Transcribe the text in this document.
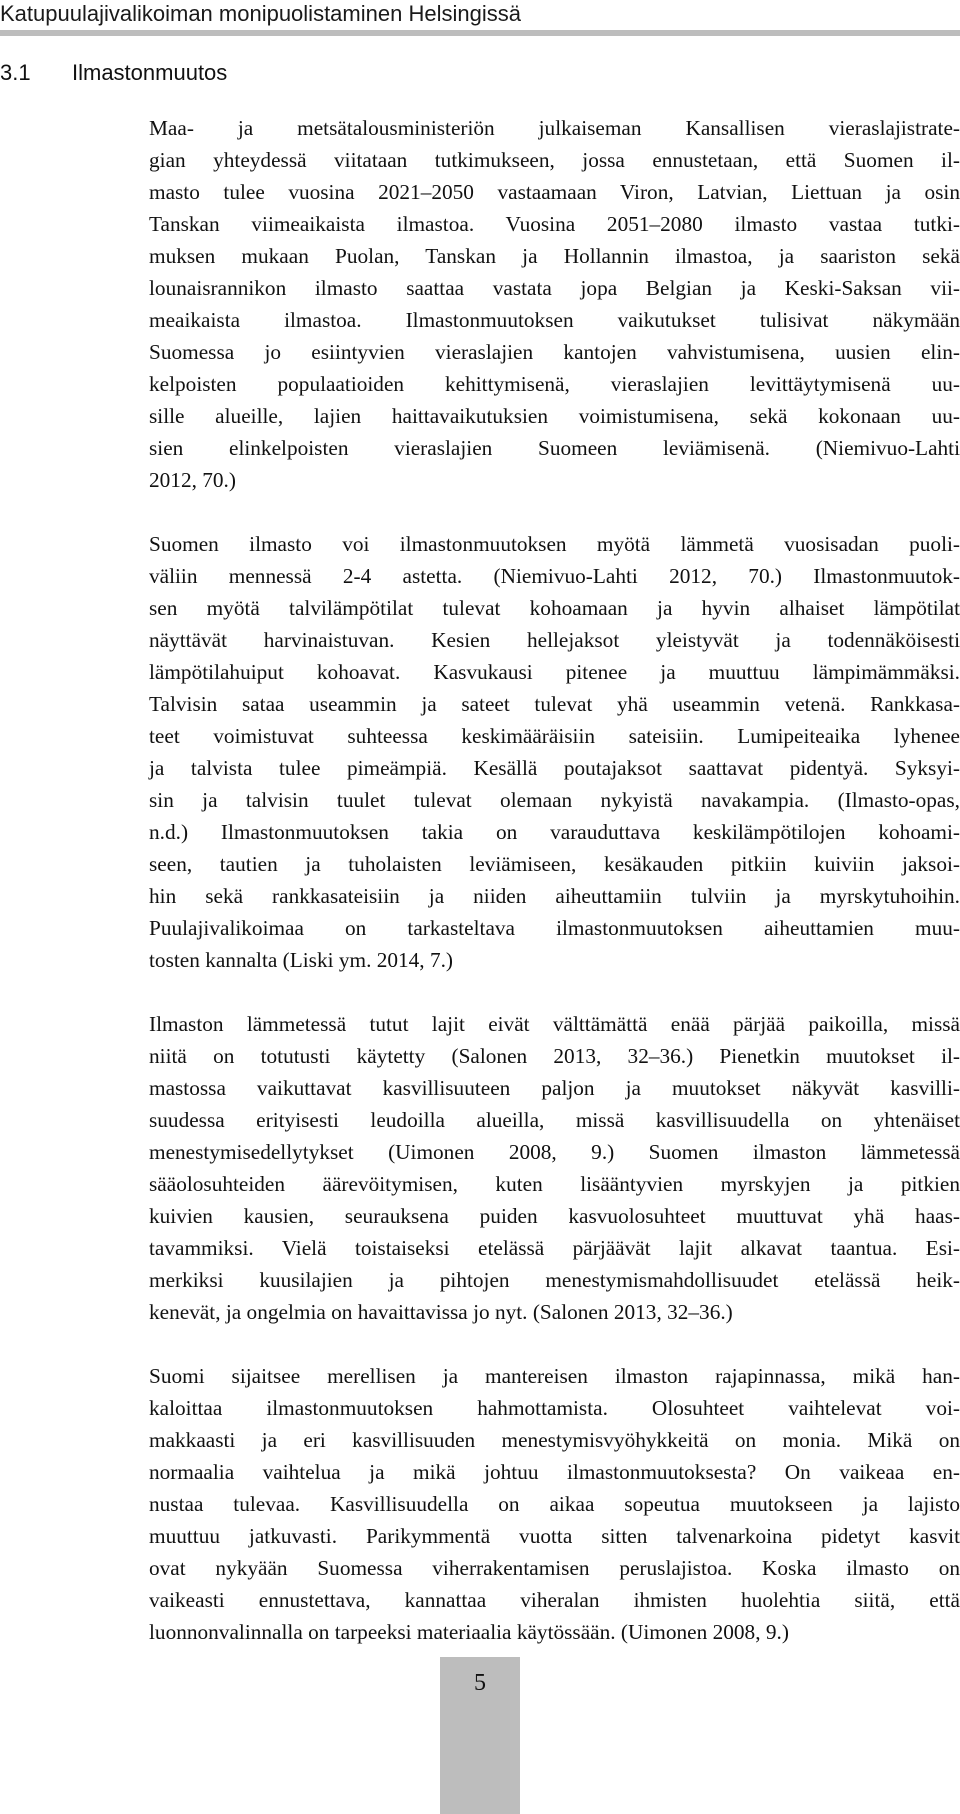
Katupuulajivalikoiman monipuolistaminen Helsingissä
3.1 Ilmastonmuutos
Maa- ja metsätalousministeriön julkaiseman Kansallisen vieraslajistrate-
gian yhteydessä viitataan tutkimukseen, jossa ennustetaan, että Suomen il-
masto tulee vuosina 2021–2050 vastaamaan Viron, Latvian, Liettuan ja osin
Tanskan viimeaikaista ilmastoa. Vuosina 2051–2080 ilmasto vastaa tutki-
muksen mukaan Puolan, Tanskan ja Hollannin ilmastoa, ja saariston sekä
lounaisrannikon ilmasto saattaa vastata jopa Belgian ja Keski-Saksan vii-
meaikaista ilmastoa. Ilmastonmuutoksen vaikutukset tulisivat näkymään
Suomessa jo esiintyvien vieraslajien kantojen vahvistumisena, uusien elin-
kelpoisten populaatioiden kehittymisenä, vieraslajien levittäytymisenä uu-
sille alueille, lajien haittavaikutuksien voimistumisena, sekä kokonaan uu-
sien elinkelpoisten vieraslajien Suomeen leviämisenä. (Niemivuo-Lahti
2012, 70.)
Suomen ilmasto voi ilmastonmuutoksen myötä lämmetä vuosisadan puoli-
väliin mennessä 2-4 astetta. (Niemivuo-Lahti 2012, 70.) Ilmastonmuutok-
sen myötä talvilämpötilat tulevat kohoamaan ja hyvin alhaiset lämpötilat
näyttävät harvinaistuvan. Kesien hellejaksot yleistyvät ja todennäköisesti
lämpötilahuiput kohoavat. Kasvukausi pitenee ja muuttuu lämpimämmäksi.
Talvisin sataa useammin ja sateet tulevat yhä useammin vetenä. Rankkasa-
teet voimistuvat suhteessa keskimääräisiin sateisiin. Lumipeiteaika lyhenee
ja talvista tulee pimeämpiä. Kesällä poutajaksot saattavat pidentyä. Syksyi-
sin ja talvisin tuulet tulevat olemaan nykyistä navakampia. (Ilmasto-opas,
n.d.) Ilmastonmuutoksen takia on varauduttava keskilämpötilojen kohoami-
seen, tautien ja tuholaisten leviämiseen, kesäkauden pitkiin kuiviin jaksoi-
hin sekä rankkasateisiin ja niiden aiheuttamiin tulviin ja myrskytuhoihin.
Puulajivalikoimaa on tarkasteltava ilmastonmuutoksen aiheuttamien muu-
tosten kannalta (Liski ym. 2014, 7.)
Ilmaston lämmetessä tutut lajit eivät välttämättä enää pärjää paikoilla, missä
niitä on totutusti käytetty (Salonen 2013, 32–36.) Pienetkin muutokset il-
mastossa vaikuttavat kasvillisuuteen paljon ja muutokset näkyvät kasvilli-
suudessa erityisesti leudoilla alueilla, missä kasvillisuudella on yhtenäiset
menestymisedellytykset (Uimonen 2008, 9.) Suomen ilmaston lämmetessä
sääolosuhteiden äärevöitymisen, kuten lisääntyvien myrskyjen ja pitkien
kuivien kausien, seurauksena puiden kasvuolosuhteet muuttuvat yhä haas-
tavammiksi. Vielä toistaiseksi etelässä pärjäävät lajit alkavat taantua. Esi-
merkiksi kuusilajien ja pihtojen menestymismahdollisuudet etelässä heik-
kenevät, ja ongelmia on havaittavissa jo nyt. (Salonen 2013, 32–36.)
Suomi sijaitsee merellisen ja mantereisen ilmaston rajapinnassa, mikä han-
kaloittaa ilmastonmuutoksen hahmottamista. Olosuhteet vaihtelevat voi-
makkaasti ja eri kasvillisuuden menestymisvyöhykkeitä on monia. Mikä on
normaalia vaihtelua ja mikä johtuu ilmastonmuutoksesta? On vaikeaa en-
nustaa tulevaa. Kasvillisuudella on aikaa sopeutua muutokseen ja lajisto
muuttuu jatkuvasti. Parikymmentä vuotta sitten talvenarkoina pidetyt kasvit
ovat nykyään Suomessa viherrakentamisen peruslajistoa. Koska ilmasto on
vaikeasti ennustettava, kannattaa viheralan ihmisten huolehtia siitä, että
luonnonvalinnalla on tarpeeksi materiaalia käytössään. (Uimonen 2008, 9.)
5
